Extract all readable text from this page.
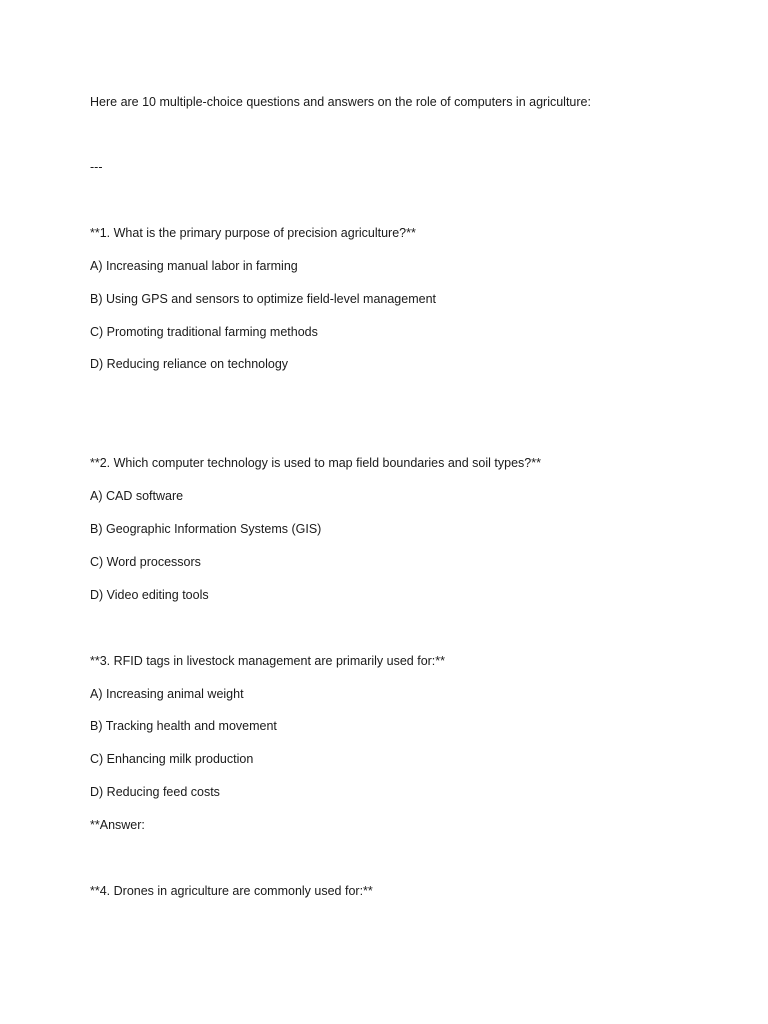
Here are 10 multiple-choice questions and answers on the role of computers in agriculture:

---

**1. What is the primary purpose of precision agriculture?**

A) Increasing manual labor in farming

B) Using GPS and sensors to optimize field-level management

C) Promoting traditional farming methods

D) Reducing reliance on technology

**2. Which computer technology is used to map field boundaries and soil types?**

A) CAD software

B) Geographic Information Systems (GIS)

C) Word processors

D) Video editing tools

**3. RFID tags in livestock management are primarily used for:**

A) Increasing animal weight

B) Tracking health and movement

C) Enhancing milk production

D) Reducing feed costs

**Answer:

**4. Drones in agriculture are commonly used for:**
